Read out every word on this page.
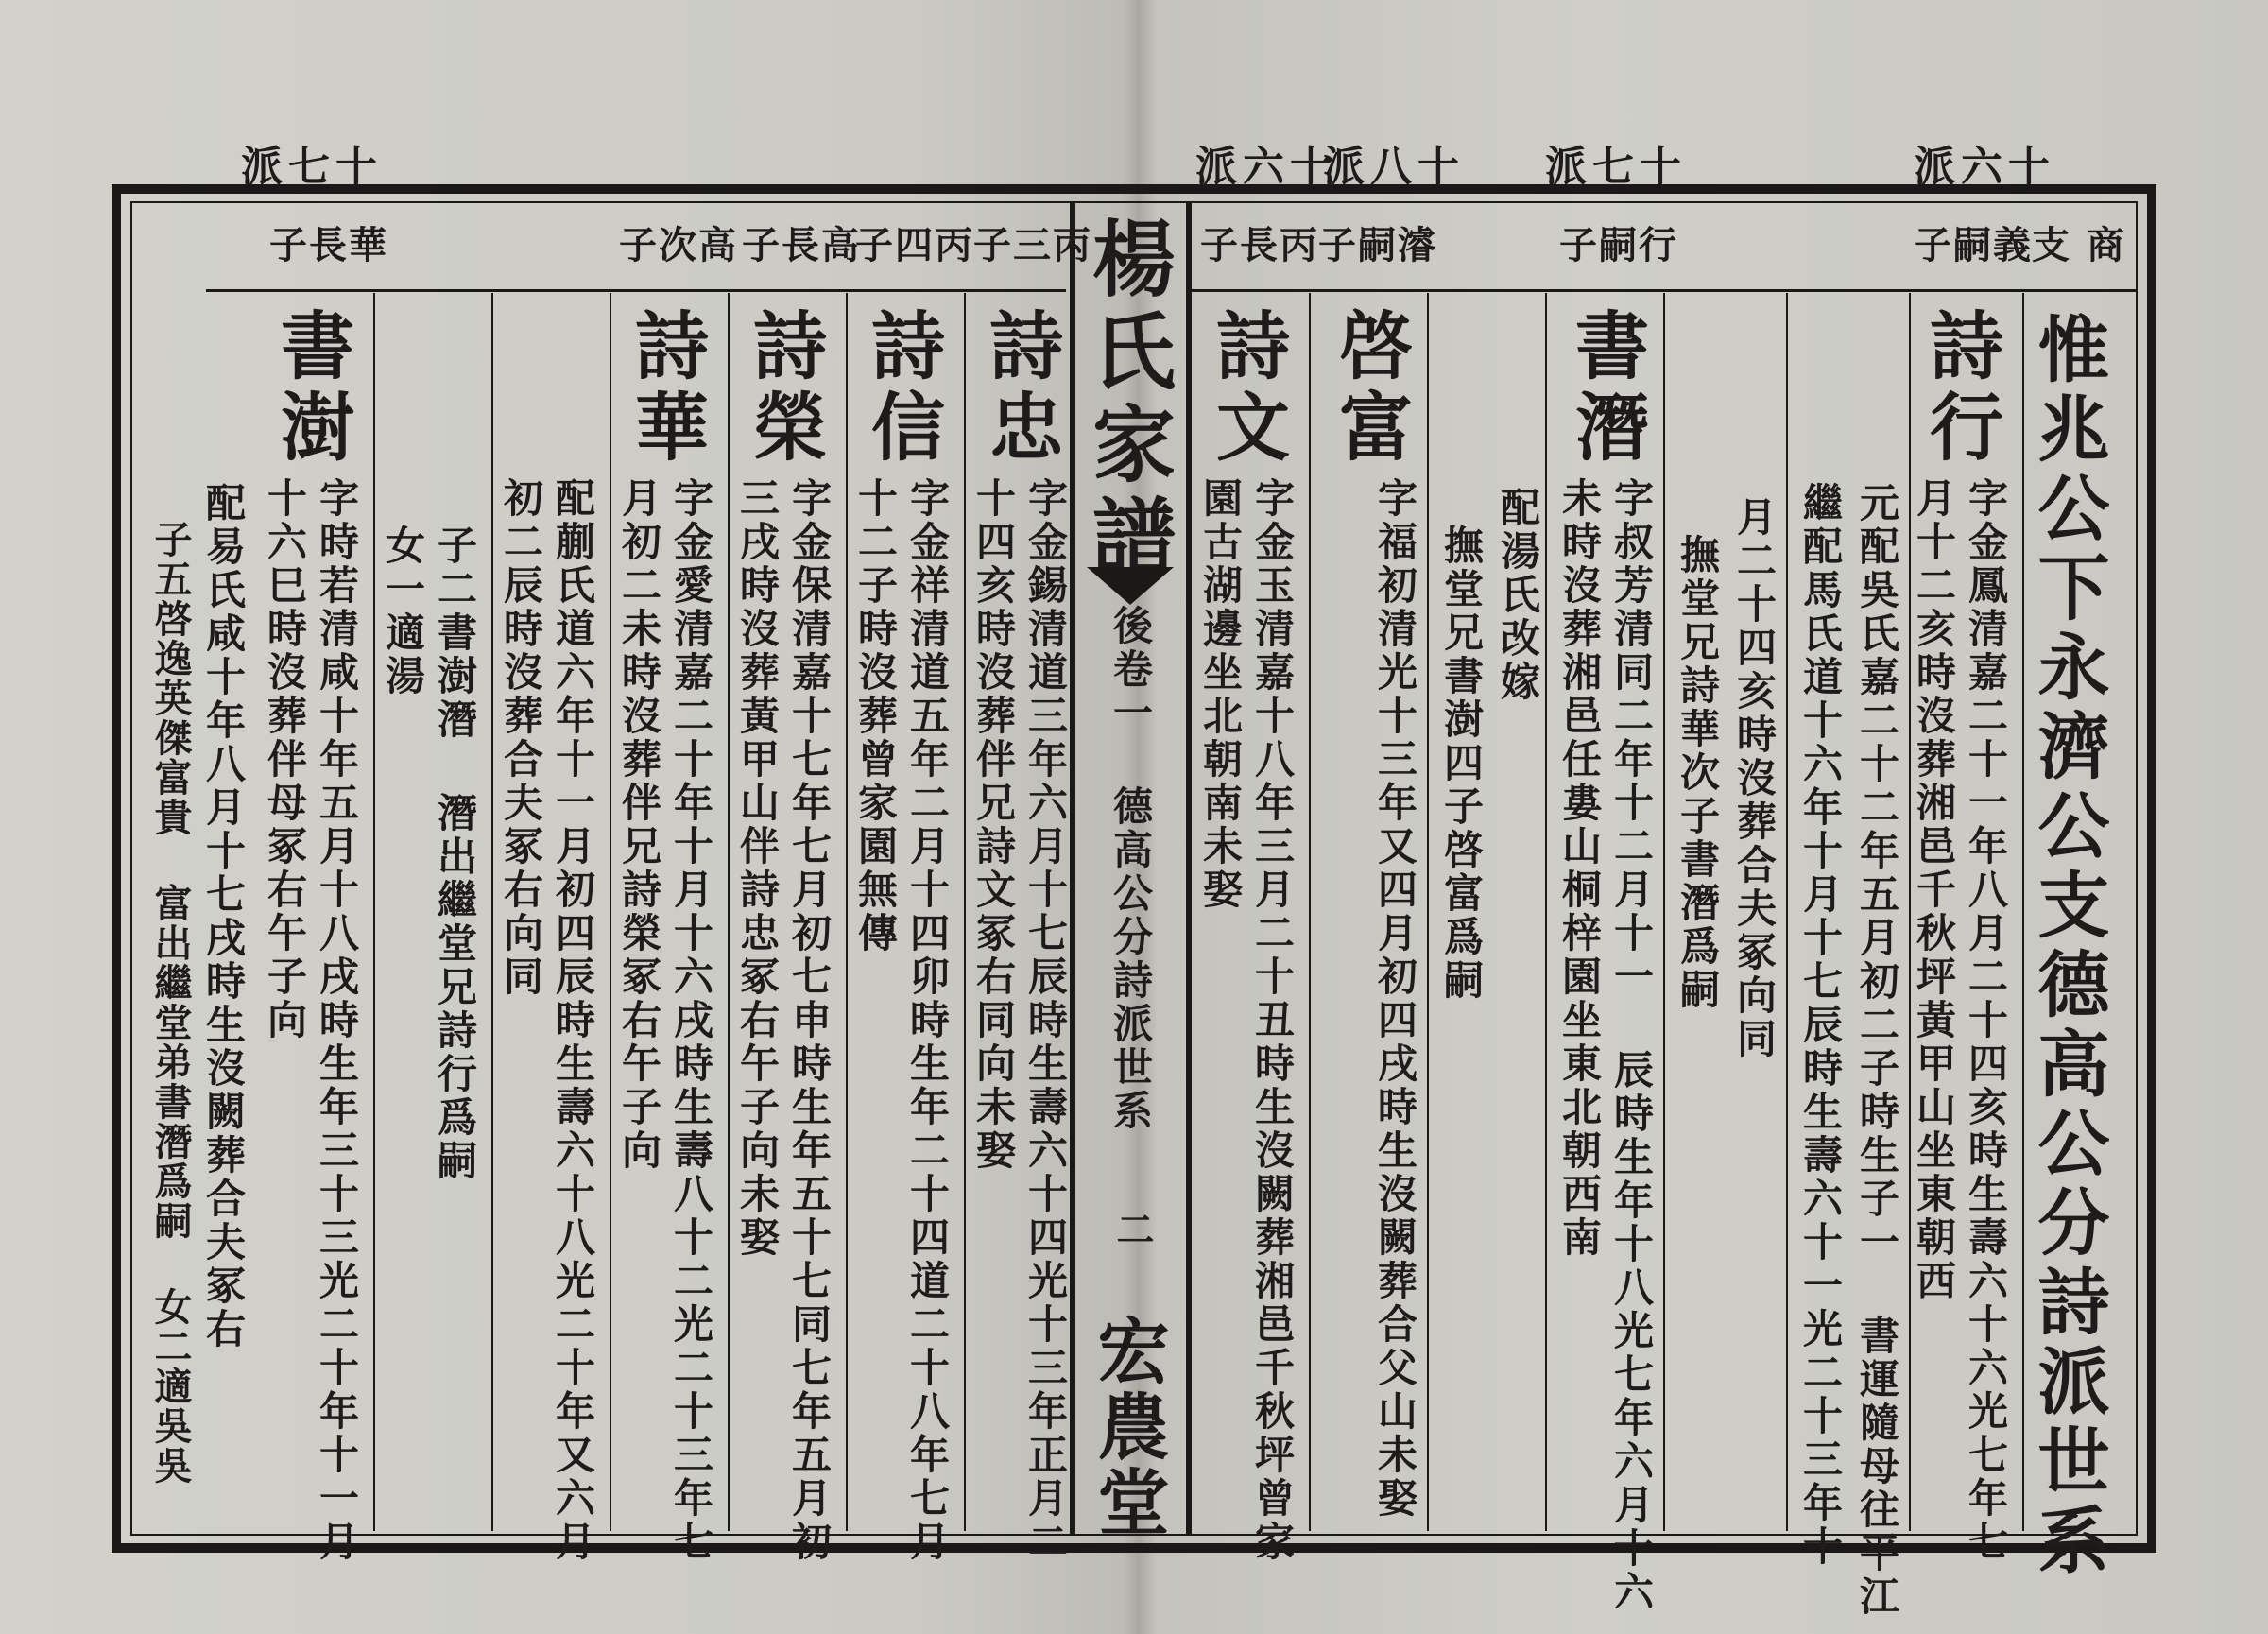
十七派	十六派
十八派 十七派	十六派
華長子	高次子 高長子
丙四子 丙三子	丙長子 濬嗣子	行嗣子	義嗣子 商 支
楊氏家譜
後卷一 德高公分詩派世系
二
宏農堂	惟兆公下永濟公支德高公分詩派世系
詩行
字金鳳清嘉二十一年八月二十四亥時生壽六十六光七年七
月十二亥時沒葬湘邑千秋坪黃甲山坐東朝西
元配吳氏嘉二十二年五月初二子時生子一 書運隨母往平江
繼配馬氏道十六年十月十七辰時生壽六十一光二十三年十
月二十四亥時沒葬合夫冢向同
撫堂兄詩華次子書潛爲嗣
書潛
字叔芳清同二年十二月十一 辰時生年十八光七年六月十六
未時沒葬湘邑任婁山桐梓園坐東北朝西南
配湯氏改嫁
撫堂兄書澍四子啓富爲嗣
啓富
字福初清光十三年又四月初四戌時生沒闕葬合父山未娶
詩文
字金玉清嘉十八年三月二十丑時生沒闕葬湘邑千秋坪曾家
園古湖邊坐北朝南未娶
詩忠
字金錫清道三年六月十七辰時生壽六十四光十三年正月二
十四亥時沒葬伴兄詩文冢右同向未娶
詩信
字金祥清道五年二月十四卯時生年二十四道二十八年七月
十二子時沒葬曾家園無傳
詩榮
字金保清嘉十七年七月初七申時生年五十七同七年五月初
三戌時沒葬黃甲山伴詩忠冢右午子向未娶
詩華
字金愛清嘉二十年十月十六戌時生壽八十二光二十三年七
月初二未時沒葬伴兄詩榮冢右午子向
配蒯氏道六年十一月初四辰時生壽六十八光二十年又六月
初二辰時沒葬合夫冢右向同
子二書澍潛 潛出繼堂兄詩行爲嗣
女一適湯
書澍
字時若清咸十年五月十八戌時生年三十三光二十年十一月
十六巳時沒葬伴母冢右午子向
配易氏咸十年八月十七戌時生沒闕葬合夫冢右
子五啓逸英傑富貴 富出繼堂弟書潛爲嗣 女二適吳吳
